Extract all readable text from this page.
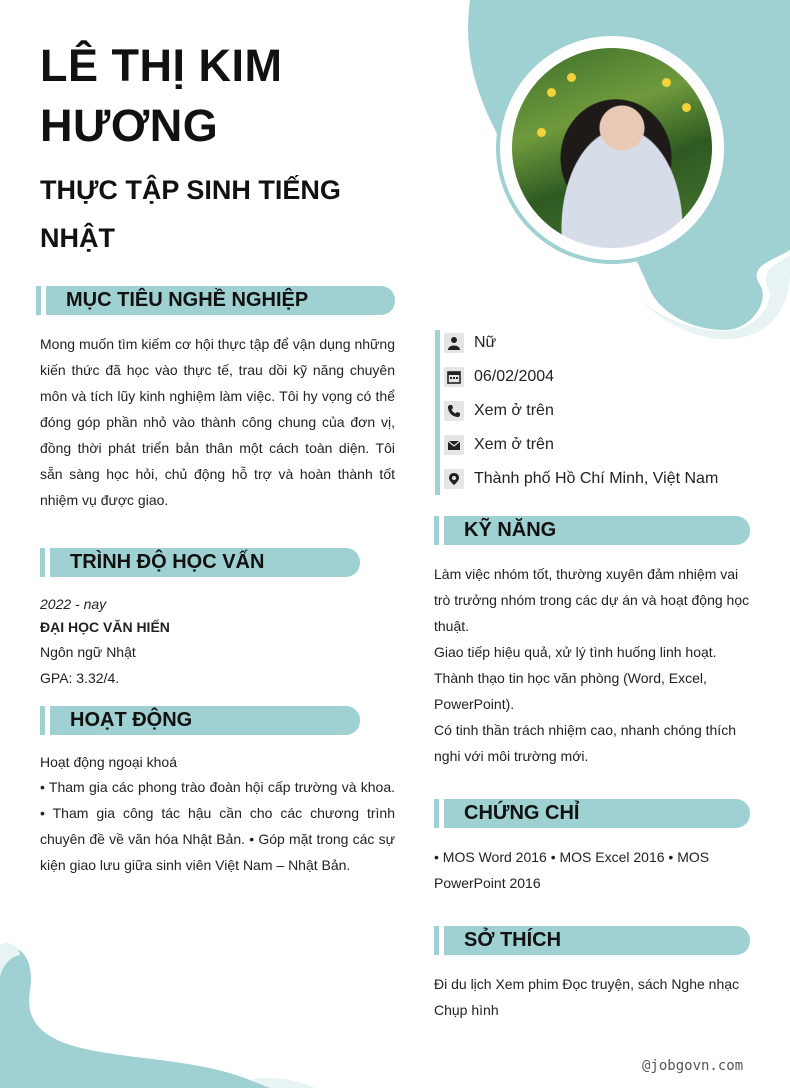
LÊ THỊ KIM HƯƠNG
THỰC TẬP SINH TIẾNG NHẬT
MỤC TIÊU NGHỀ NGHIỆP
Mong muốn tìm kiếm cơ hội thực tập để vận dụng những kiến thức đã học vào thực tế, trau dồi kỹ năng chuyên môn và tích lũy kinh nghiệm làm việc. Tôi hy vọng có thể đóng góp phần nhỏ vào thành công chung của đơn vị, đồng thời phát triển bản thân một cách toàn diện. Tôi sẵn sàng học hỏi, chủ động hỗ trợ và hoàn thành tốt nhiệm vụ được giao.
TRÌNH ĐỘ HỌC VẤN
2022 - nay
ĐẠI HỌC VĂN HIẾN
Ngôn ngữ Nhật
GPA: 3.32/4.
HOẠT ĐỘNG
Hoạt động ngoại khoá
• Tham gia các phong trào đoàn hội cấp trường và khoa. • Tham gia công tác hậu cần cho các chương trình chuyên đề về văn hóa Nhật Bản. • Góp mặt trong các sự kiện giao lưu giữa sinh viên Việt Nam – Nhật Bản.
Nữ
06/02/2004
Xem ở trên
Xem ở trên
Thành phố Hồ Chí Minh, Việt Nam
KỸ NĂNG
Làm việc nhóm tốt, thường xuyên đảm nhiệm vai trò trưởng nhóm trong các dự án và hoạt động học thuật.
Giao tiếp hiệu quả, xử lý tình huống linh hoạt.
Thành thạo tin học văn phòng (Word, Excel, PowerPoint).
Có tinh thần trách nhiệm cao, nhanh chóng thích nghi với môi trường mới.
CHỨNG CHỈ
• MOS Word 2016 • MOS Excel 2016 • MOS PowerPoint 2016
SỞ THÍCH
Đi du lịch Xem phim Đọc truyện, sách Nghe nhạc Chụp hình
@jobgovn.com
